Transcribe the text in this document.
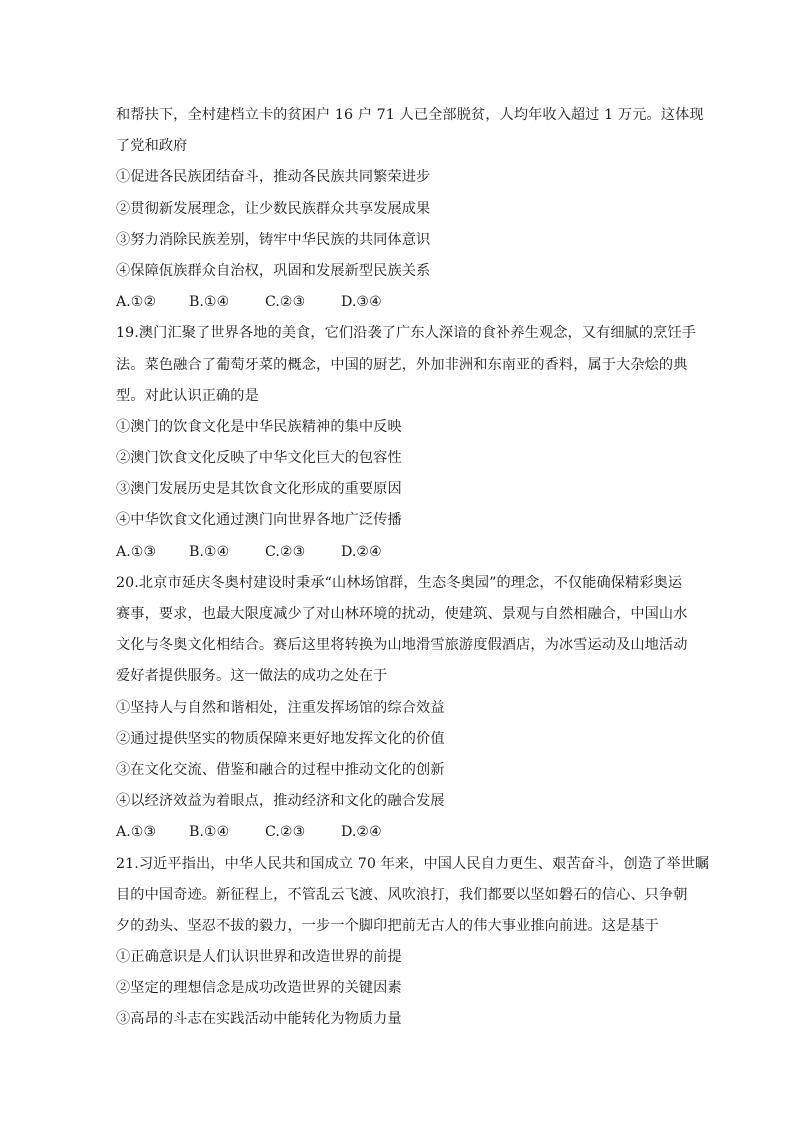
和帮扶下，全村建档立卡的贫困户 16 户 71 人已全部脱贫，人均年收入超过 1 万元。这体现
了党和政府
①促进各民族团结奋斗，推动各民族共同繁荣进步
②贯彻新发展理念，让少数民族群众共享发展成果
③努力消除民族差别，铸牢中华民族的共同体意识
④保障佤族群众自治权，巩固和发展新型民族关系
A.①②	B.①④	C.②③	D.③④
19.澳门汇聚了世界各地的美食，它们沿袭了广东人深谙的食补养生观念，又有细腻的烹饪手
法。菜色融合了葡萄牙菜的概念，中国的厨艺，外加非洲和东南亚的香料，属于大杂烩的典
型。对此认识正确的是
①澳门的饮食文化是中华民族精神的集中反映
②澳门饮食文化反映了中华文化巨大的包容性
③澳门发展历史是其饮食文化形成的重要原因
④中华饮食文化通过澳门向世界各地广泛传播
A.①③	B.①④	C.②③	D.②④
20.北京市延庆冬奥村建设时秉承“山林场馆群，生态冬奥园”的理念，不仅能确保精彩奥运
赛事，要求，也最大限度减少了对山林环境的扰动，使建筑、景观与自然相融合，中国山水
文化与冬奥文化相结合。赛后这里将转换为山地滑雪旅游度假酒店，为冰雪运动及山地活动
爱好者提供服务。这一做法的成功之处在于
①坚持人与自然和谐相处，注重发挥场馆的综合效益
②通过提供坚实的物质保障来更好地发挥文化的价值
③在文化交流、借鉴和融合的过程中推动文化的创新
④以经济效益为着眼点，推动经济和文化的融合发展
A.①③	B.①④	C.②③	D.②④
21.习近平指出，中华人民共和国成立 70 年来，中国人民自力更生、艰苦奋斗，创造了举世瞩
目的中国奇迹。新征程上，不管乱云飞渡、风吹浪打，我们都要以坚如磐石的信心、只争朝
夕的劲头、坚忍不拔的毅力，一步一个脚印把前无古人的伟大事业推向前进。这是基于
①正确意识是人们认识世界和改造世界的前提
②坚定的理想信念是成功改造世界的关键因素
③高昂的斗志在实践活动中能转化为物质力量
